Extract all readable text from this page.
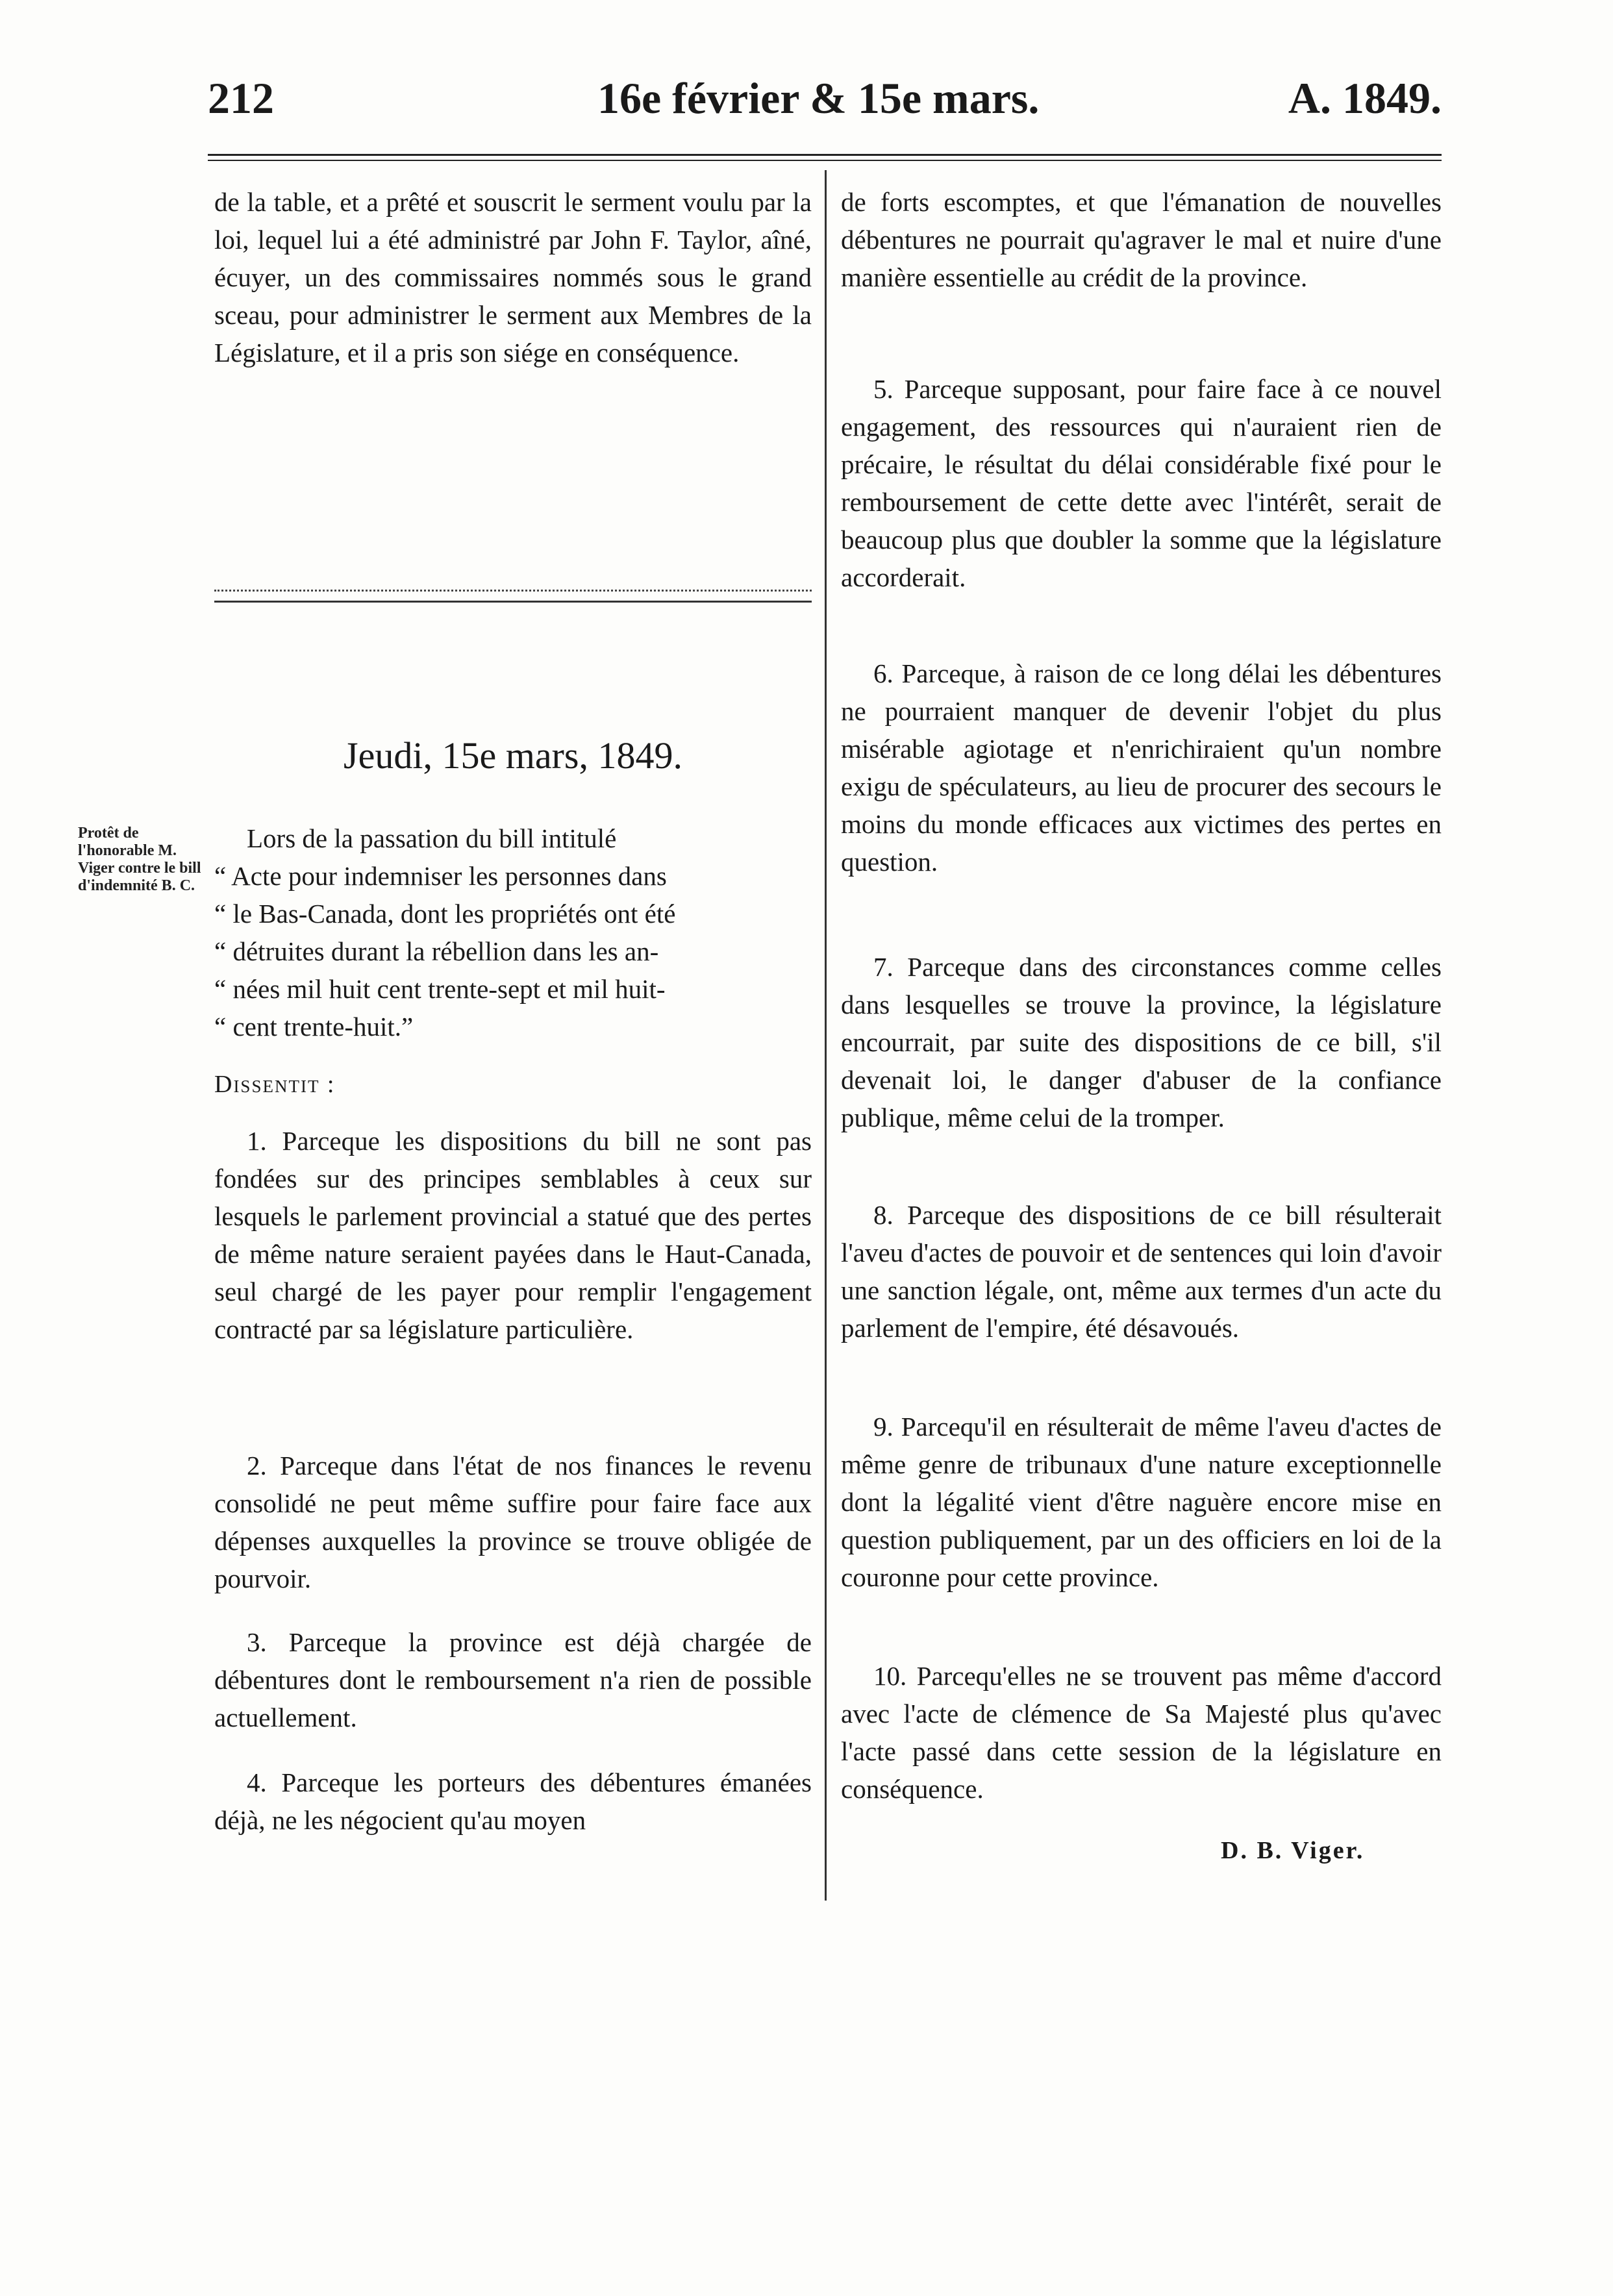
212	16e février & 15e mars.	A. 1849.
de la table, et a prêté et souscrit le serment voulu par la loi, lequel lui a été administré par John F. Taylor, aîné, écuyer, un des commissaires nommés sous le grand sceau, pour administrer le serment aux Membres de la Législature, et il a pris son siége en conséquence.
Jeudi, 15e mars, 1849.
Protêt de l'honorable M. Viger contre le bill d'indemnité B. C.
Lors de la passation du bill intitulé
“ Acte pour indemniser les personnes dans
“ le Bas-Canada, dont les propriétés ont été
“ détruites durant la rébellion dans les an-
“ nées mil huit cent trente-sept et mil huit-
“ cent trente-huit.”
Dissentit :
1. Parceque les dispositions du bill ne sont pas fondées sur des principes semblables à ceux sur lesquels le parlement provincial a statué que des pertes de même nature seraient payées dans le Haut-Canada, seul chargé de les payer pour remplir l'engagement contracté par sa législature particulière.
2. Parceque dans l'état de nos finances le revenu consolidé ne peut même suffire pour faire face aux dépenses auxquelles la province se trouve obligée de pourvoir.
3. Parceque la province est déjà chargée de débentures dont le remboursement n'a rien de possible actuellement.
4. Parceque les porteurs des débentures émanées déjà, ne les négocient qu'au moyen
de forts escomptes, et que l'émanation de nouvelles débentures ne pourrait qu'agraver le mal et nuire d'une manière essentielle au crédit de la province.
5. Parceque supposant, pour faire face à ce nouvel engagement, des ressources qui n'auraient rien de précaire, le résultat du délai considérable fixé pour le remboursement de cette dette avec l'intérêt, serait de beaucoup plus que doubler la somme que la législature accorderait.
6. Parceque, à raison de ce long délai les débentures ne pourraient manquer de devenir l'objet du plus misérable agiotage et n'enrichiraient qu'un nombre exigu de spéculateurs, au lieu de procurer des secours le moins du monde efficaces aux victimes des pertes en question.
7. Parceque dans des circonstances comme celles dans lesquelles se trouve la province, la législature encourrait, par suite des dispositions de ce bill, s'il devenait loi, le danger d'abuser de la confiance publique, même celui de la tromper.
8. Parceque des dispositions de ce bill résulterait l'aveu d'actes de pouvoir et de sentences qui loin d'avoir une sanction légale, ont, même aux termes d'un acte du parlement de l'empire, été désavoués.
9. Parcequ'il en résulterait de même l'aveu d'actes de même genre de tribunaux d'une nature exceptionnelle dont la légalité vient d'être naguère encore mise en question publiquement, par un des officiers en loi de la couronne pour cette province.
10. Parcequ'elles ne se trouvent pas même d'accord avec l'acte de clémence de Sa Majesté plus qu'avec l'acte passé dans cette session de la législature en conséquence.
D. B. Viger.
